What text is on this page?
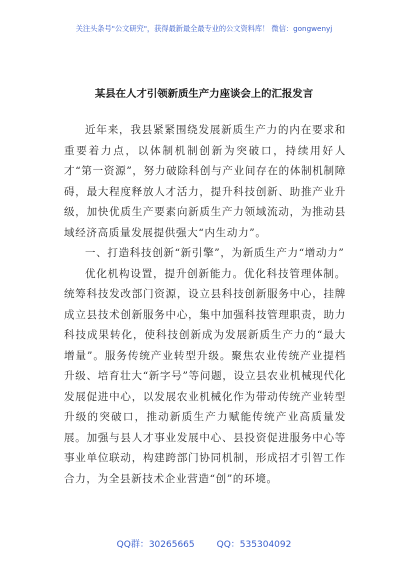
关注头条号"公文研究"，获得最新最全最专业的公文资料库！ 微信：gongwenyj
某县在人才引领新质生产力座谈会上的汇报发言

近年来，我县紧紧围绕发展新质生产力的内在要求和重要着力点，以体制机制创新为突破口，持续用好人才“第一资源”，努力破除科创与产业间存在的体制机制障碍，最大程度释放人才活力，提升科技创新、助推产业升级，加快优质生产要素向新质生产力领域流动，为推动县域经济高质量发展提供强大“内生动力”。

一、打造科技创新“新引擎”，为新质生产力“增动力”

优化机构设置，提升创新能力。优化科技管理体制。统筹科技发改部门资源，设立县科技创新服务中心，挂牌成立县技术创新服务中心，集中加强科技管理职责，助力科技成果转化，使科技创新成为发展新质生产力的“最大增量”。服务传统产业转型升级。聚焦农业传统产业提档升级、培育壮大“新字号”等问题，设立县农业机械现代化发展促进中心，以发展农业机械化作为带动传统产业转型升级的突破口，推动新质生产力赋能传统产业高质量发展。加强与县人才事业发展中心、县投资促进服务中心等事业单位联动，构建跨部门协同机制，形成招才引智工作合力，为全县新技术企业营造“创”的环境。

QQ群：30265665 QQ：535304092
